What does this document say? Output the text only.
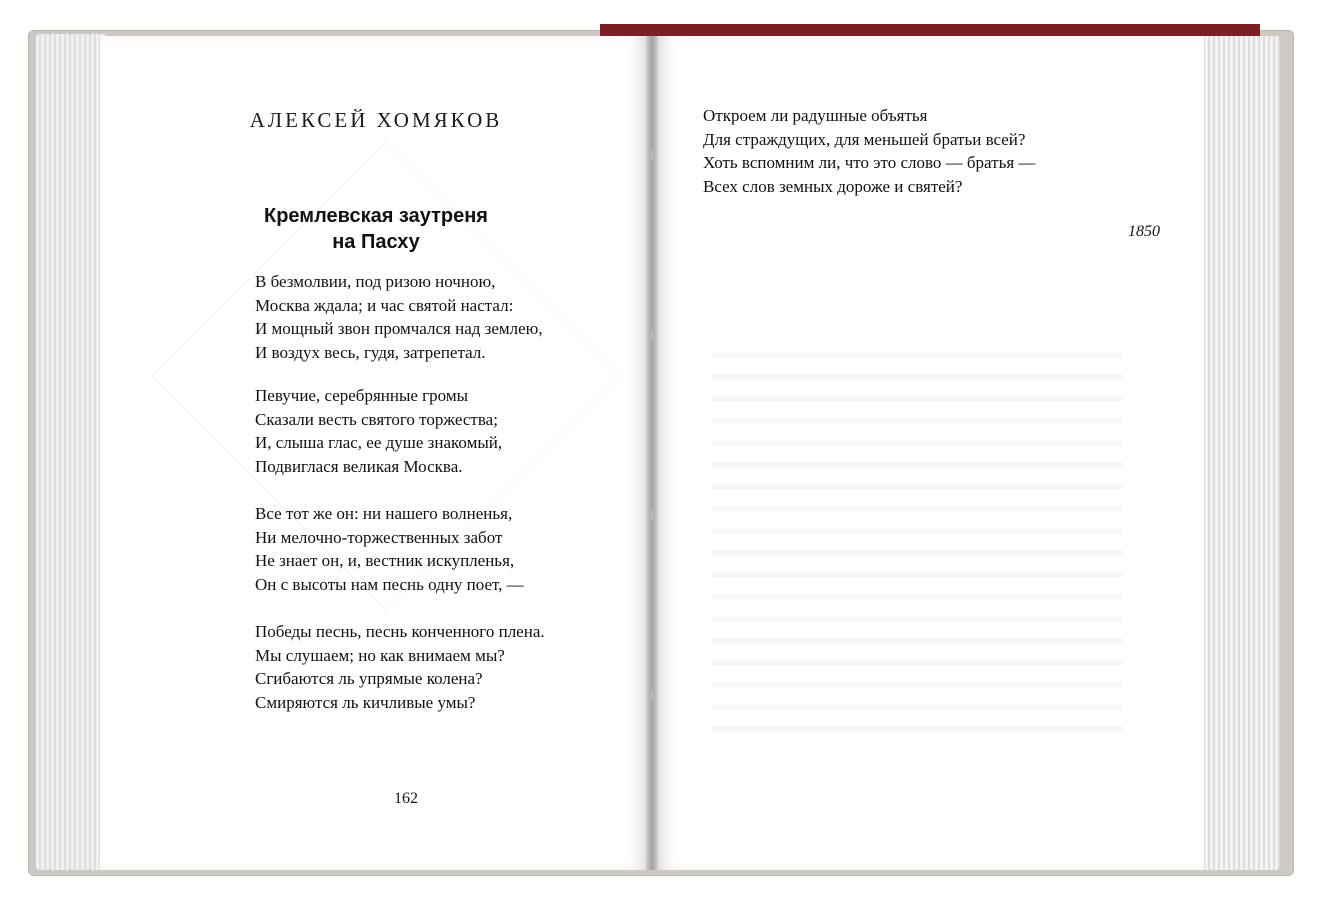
АЛЕКСЕЙ ХОМЯКОВ
Кремлевская заутреня
на Пасху
В безмолвии, под ризою ночною,
Москва ждала; и час святой настал:
И мощный звон промчался над землею,
И воздух весь, гудя, затрепетал.
Певучие, серебрянные громы
Сказали весть святого торжества;
И, слыша глас, ее душе знакомый,
Подвиглася великая Москва.
Все тот же он: ни нашего волненья,
Ни мелочно-торжественных забот
Не знает он, и, вестник искупленья,
Он с высоты нам песнь одну поет, —
Победы песнь, песнь конченного плена.
Мы слушаем; но как внимаем мы?
Сгибаются ль упрямые колена?
Смиряются ль кичливые умы?
162
Откроем ли радушные объятья
Для страждущих, для меньшей братьи всей?
Хоть вспомним ли, что это слово — братья —
Всех слов земных дороже и святей?
1850
